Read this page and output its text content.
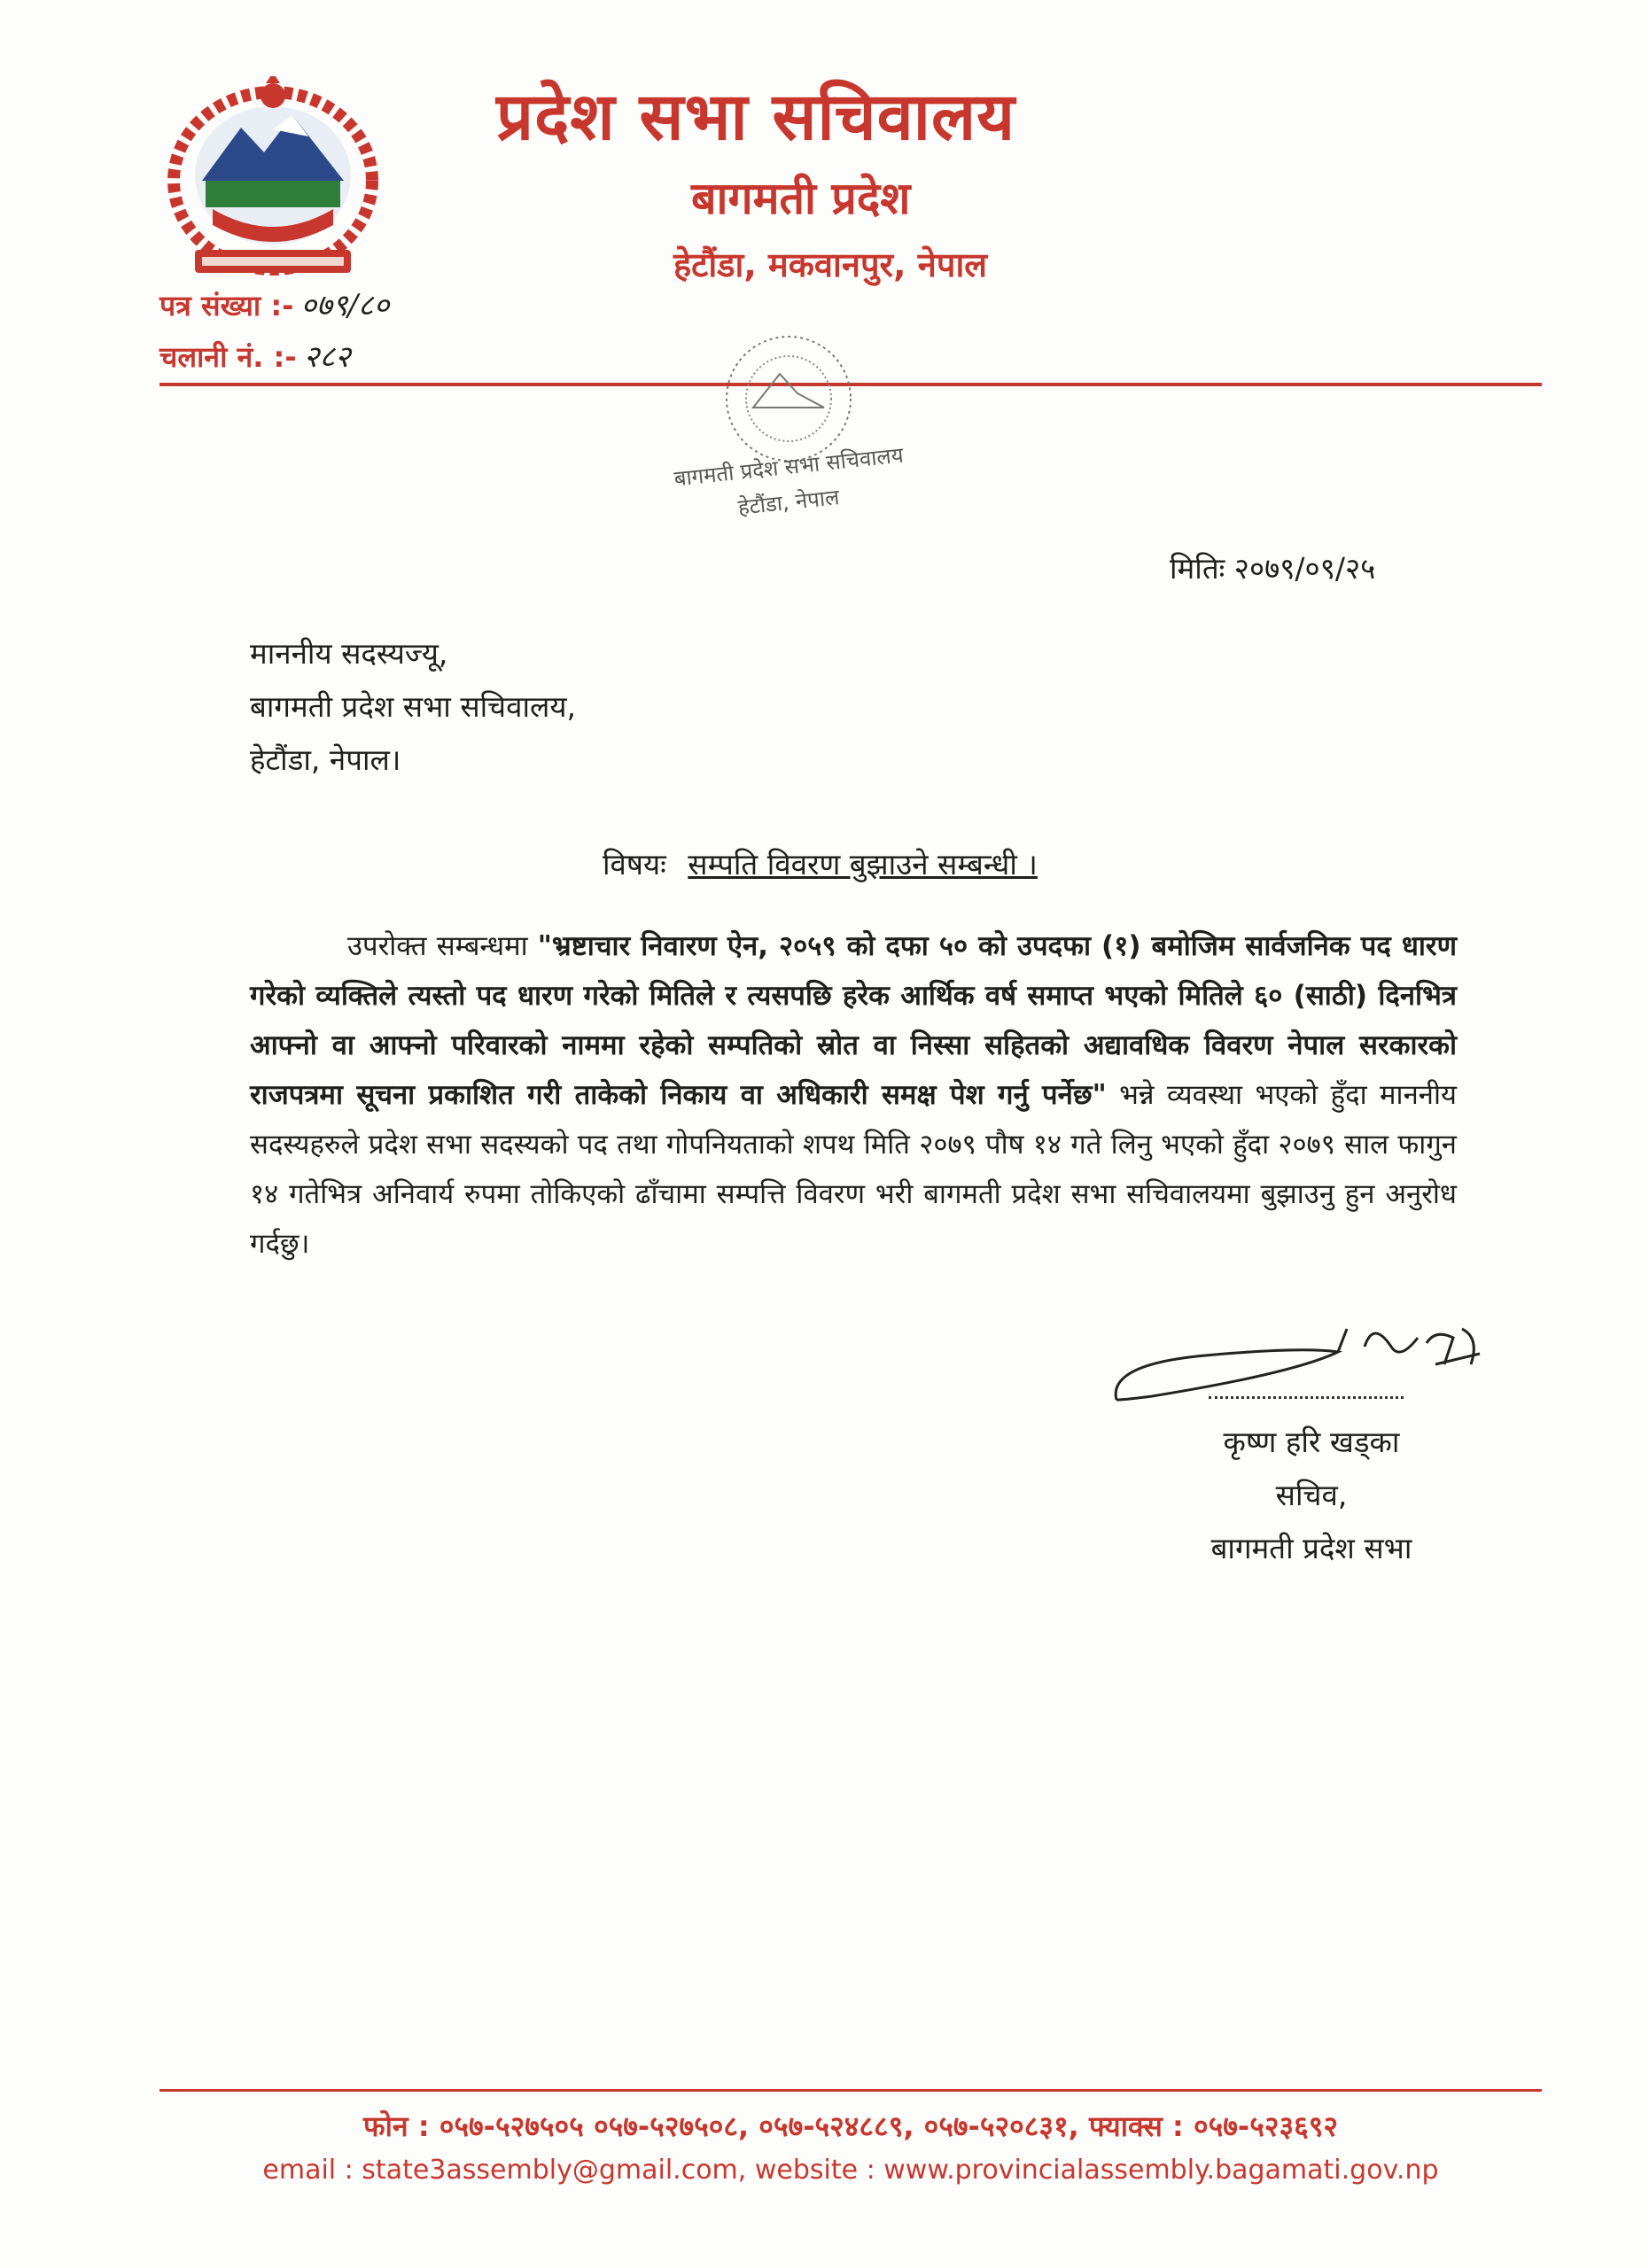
प्रदेश सभा सचिवालय
बागमती प्रदेश
हेटौंडा, मकवानपुर, नेपाल
पत्र संख्या :- ०७९/८०
चलानी नं. :- २८२
बागमती प्रदेश सभा सचिवालय
हेटौंडा, नेपाल
मितिः २०७९/०९/२५
माननीय सदस्यज्यू,
बागमती प्रदेश सभा सचिवालय,
हेटौंडा, नेपाल।
विषयः सम्पति विवरण बुझाउने सम्बन्धी ।
उपरोक्त सम्बन्धमा "भ्रष्टाचार निवारण ऐन, २०५९ को दफा ५० को उपदफा (१) बमोजिम सार्वजनिक पद धारण गरेको व्यक्तिले त्यस्तो पद धारण गरेको मितिले र त्यसपछि हरेक आर्थिक वर्ष समाप्त भएको मितिले ६० (साठी) दिनभित्र आफ्नो वा आफ्नो परिवारको नाममा रहेको सम्पतिको स्रोत वा निस्सा सहितको अद्यावधिक विवरण नेपाल सरकारको राजपत्रमा सूचना प्रकाशित गरी ताकेको निकाय वा अधिकारी समक्ष पेश गर्नु पर्नेछ" भन्ने व्यवस्था भएको हुँदा माननीय सदस्यहरुले प्रदेश सभा सदस्यको पद तथा गोपनियताको शपथ मिति २०७९ पौष १४ गते लिनु भएको हुँदा २०७९ साल फागुन १४ गतेभित्र अनिवार्य रुपमा तोकिएको ढाँचामा सम्पत्ति विवरण भरी बागमती प्रदेश सभा सचिवालयमा बुझाउनु हुन अनुरोध गर्दछु।
कृष्ण हरि खड्का
सचिव,
बागमती प्रदेश सभा
फोन : ०५७-५२७५०५ ०५७-५२७५०८, ०५७-५२४८८९, ०५७-५२०८३१, फ्याक्स : ०५७-५२३६९२
email : state3assembly@gmail.com, website : www.provincialassembly.bagamati.gov.np
